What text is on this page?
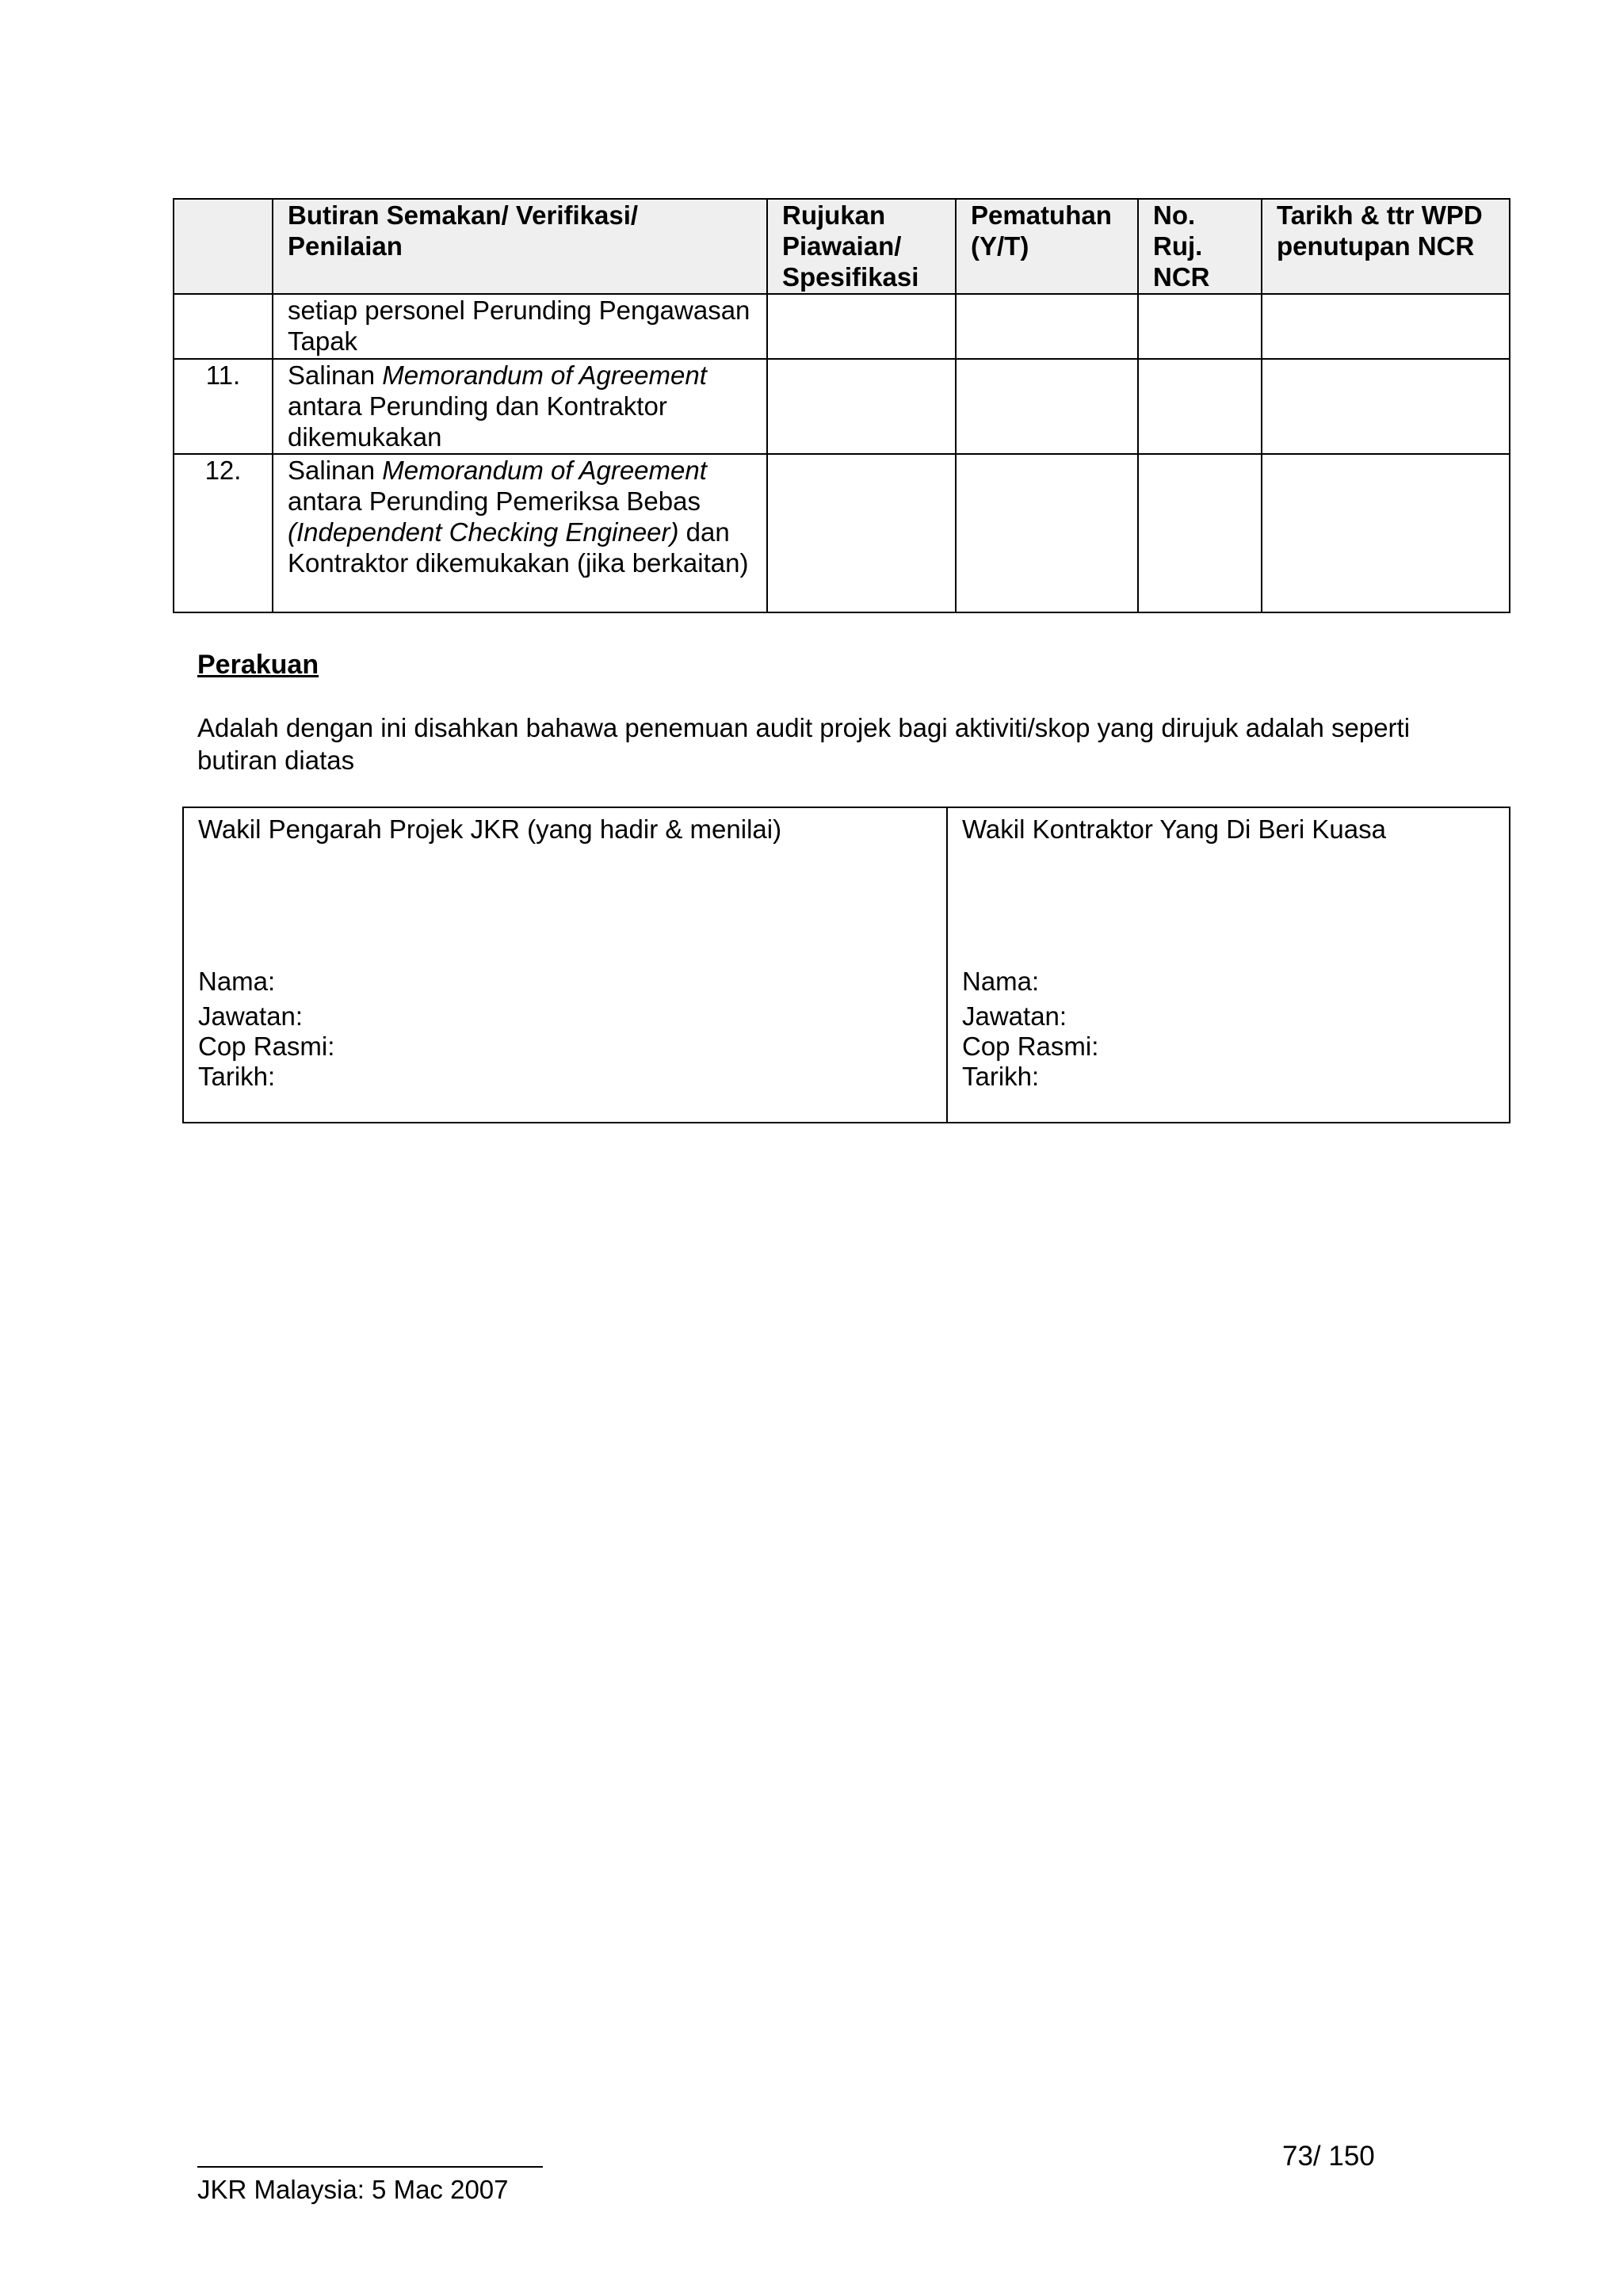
	Butiran Semakan/ Verifikasi/ Penilaian	Rujukan Piawaian/ Spesifikasi	Pematuhan (Y/T)	No. Ruj. NCR	Tarikh & ttr WPD penutupan NCR
	setiap personel Perunding Pengawasan Tapak				
11.	Salinan Memorandum of Agreement antara Perunding dan Kontraktor dikemukakan				
12.	Salinan Memorandum of Agreement antara Perunding Pemeriksa Bebas (Independent Checking Engineer) dan Kontraktor dikemukakan (jika berkaitan)				
Perakuan

Adalah dengan ini disahkan bahawa penemuan audit projek bagi aktiviti/skop yang dirujuk adalah seperti butiran diatas

Wakil Pengarah Projek JKR (yang hadir & menilai)
Nama:
Jawatan:
Cop Rasmi:
Tarikh:

Wakil Kontraktor Yang Di Beri Kuasa
Nama:
Jawatan:
Cop Rasmi:
Tarikh:
73/ 150
JKR Malaysia: 5 Mac 2007
